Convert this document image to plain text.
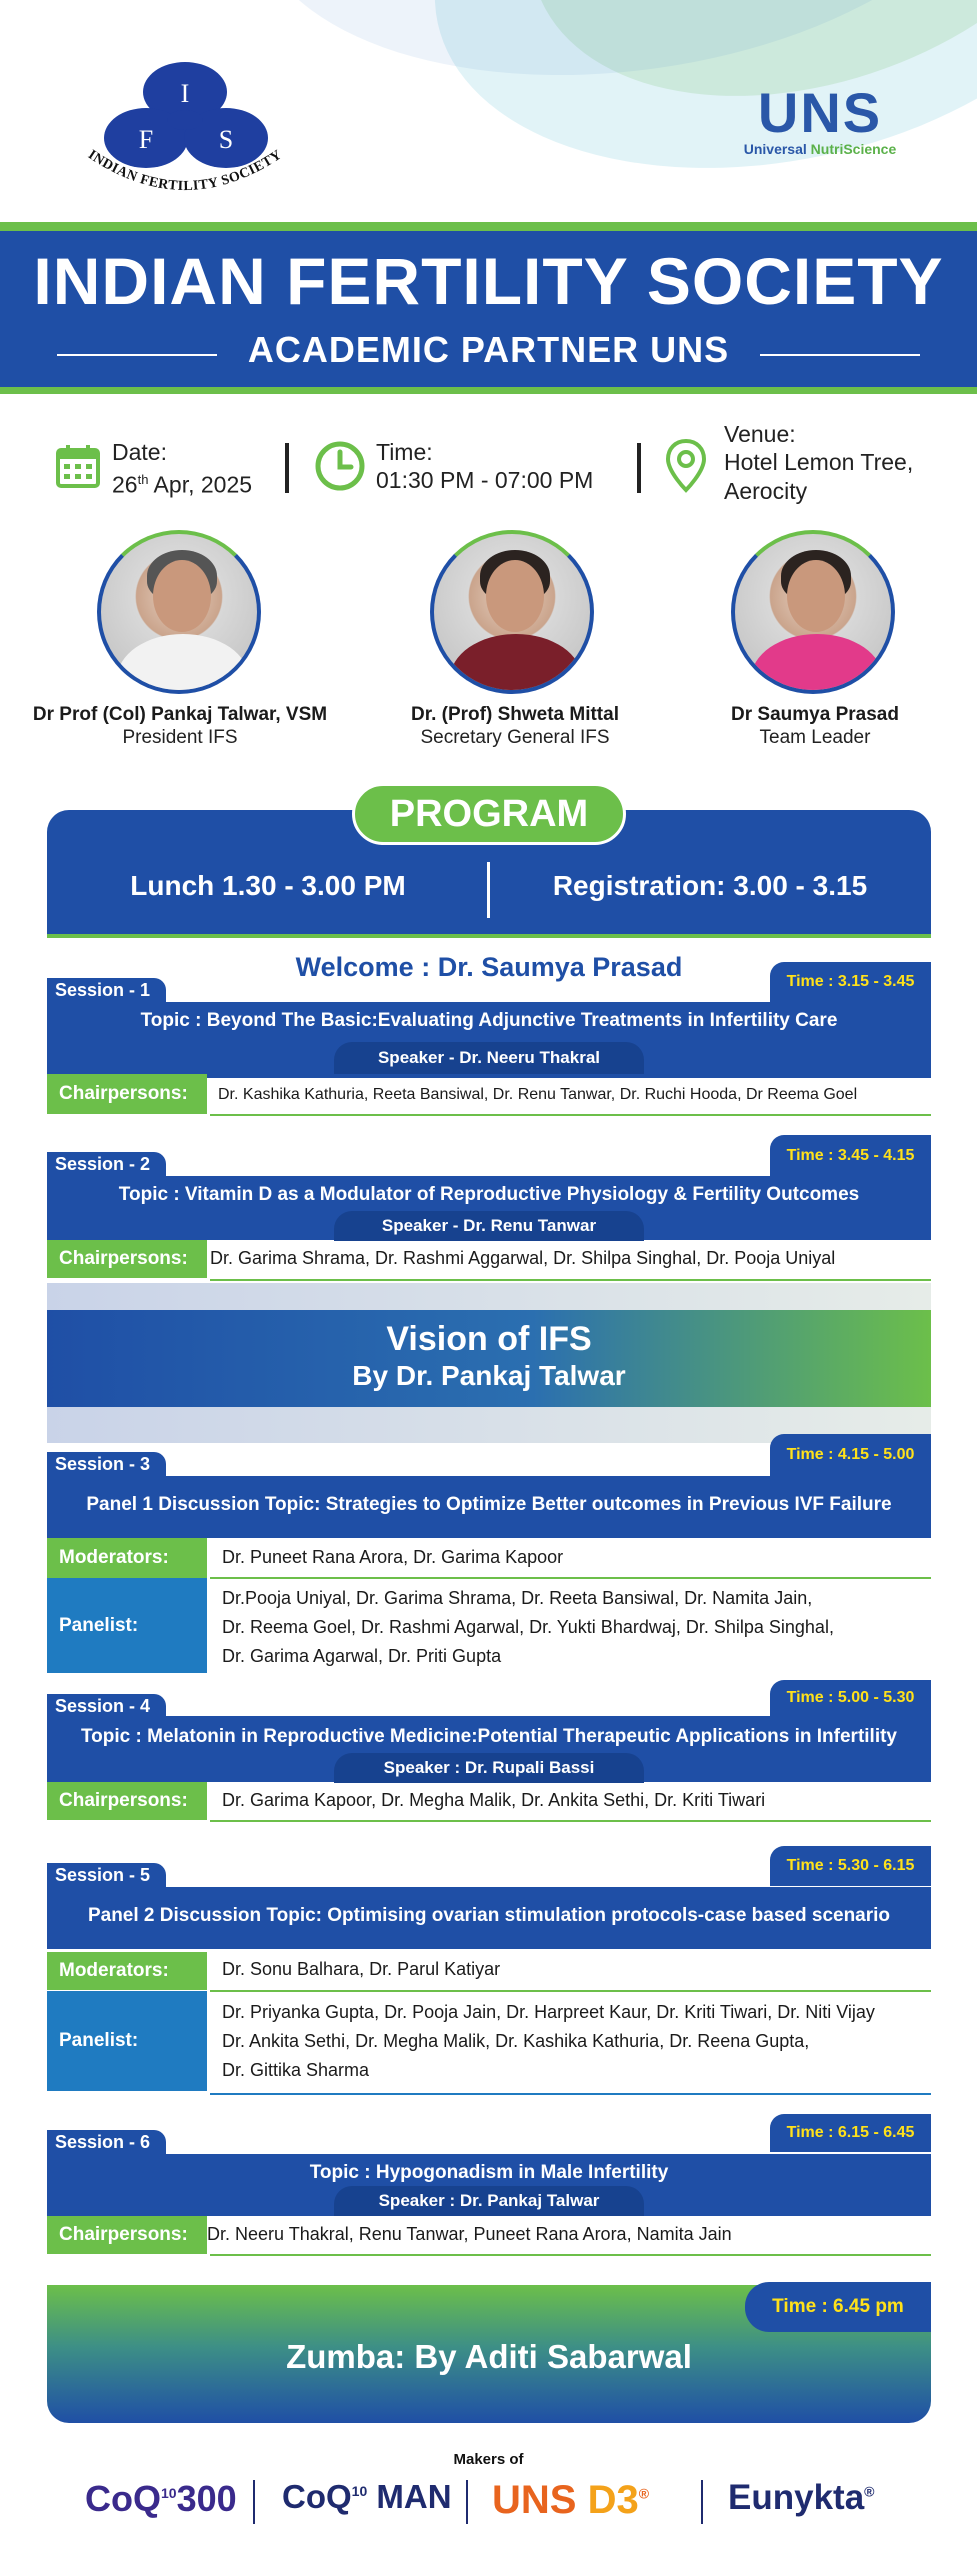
I
F	S
INDIAN FERTILITY SOCIETY
UNS
Universal NutriScience
INDIAN FERTILITY SOCIETY
ACADEMIC PARTNER UNS
Date:
26th Apr, 2025
Time:
01:30 PM - 07:00 PM
Venue:
Hotel Lemon Tree,
Aerocity
Dr Prof (Col) Pankaj Talwar, VSM
President IFS
Dr. (Prof) Shweta Mittal
Secretary General IFS
Dr Saumya Prasad
Team Leader
PROGRAM
Lunch 1.30 - 3.00 PM	Registration: 3.00 - 3.15
Welcome : Dr. Saumya Prasad	Time : 3.15 - 3.45
Session - 1
Topic : Beyond The Basic:Evaluating Adjunctive Treatments in Infertility Care
Speaker - Dr. Neeru Thakral
Chairpersons:	Dr. Kashika Kathuria, Reeta Bansiwal, Dr. Renu Tanwar, Dr. Ruchi Hooda, Dr Reema Goel
Time : 3.45 - 4.15
Session - 2
Topic : Vitamin D as a Modulator of Reproductive Physiology & Fertility Outcomes
Speaker - Dr. Renu Tanwar
Chairpersons:	Dr. Garima Shrama, Dr. Rashmi Aggarwal, Dr. Shilpa Singhal, Dr. Pooja Uniyal
Vision of IFS
By Dr. Pankaj Talwar
Time : 4.15 - 5.00
Session - 3
Panel 1 Discussion Topic: Strategies to Optimize Better outcomes in Previous IVF Failure
Moderators:	Dr. Puneet Rana Arora, Dr. Garima Kapoor
Panelist:
Dr.Pooja Uniyal, Dr. Garima Shrama, Dr. Reeta Bansiwal, Dr. Namita Jain,
Dr. Reema Goel, Dr. Rashmi Agarwal, Dr. Yukti Bhardwaj, Dr. Shilpa Singhal,
Dr. Garima Agarwal, Dr. Priti Gupta
Time : 5.00 - 5.30
Session - 4
Topic : Melatonin in Reproductive Medicine:Potential Therapeutic Applications in Infertility
Speaker : Dr. Rupali Bassi
Chairpersons:	Dr. Garima Kapoor, Dr. Megha Malik, Dr. Ankita Sethi, Dr. Kriti Tiwari
Time : 5.30 - 6.15
Session - 5
Panel 2 Discussion Topic: Optimising ovarian stimulation protocols-case based scenario
Moderators:	Dr. Sonu Balhara, Dr. Parul Katiyar
Panelist:
Dr. Priyanka Gupta, Dr. Pooja Jain, Dr. Harpreet Kaur, Dr. Kriti Tiwari, Dr. Niti Vijay
Dr. Ankita Sethi, Dr. Megha Malik, Dr. Kashika Kathuria, Dr. Reena Gupta,
Dr. Gittika Sharma
Time : 6.15 - 6.45
Session - 6
Topic : Hypogonadism in Male Infertility
Speaker : Dr. Pankaj Talwar
Chairpersons:	Dr. Neeru Thakral, Renu Tanwar, Puneet Rana Arora, Namita Jain
Time : 6.45 pm
Zumba: By Aditi Sabarwal
Makers of
CoQ$^{10}$300 CoQ$^{10}$ MAN UNS D3® Eunykta®
